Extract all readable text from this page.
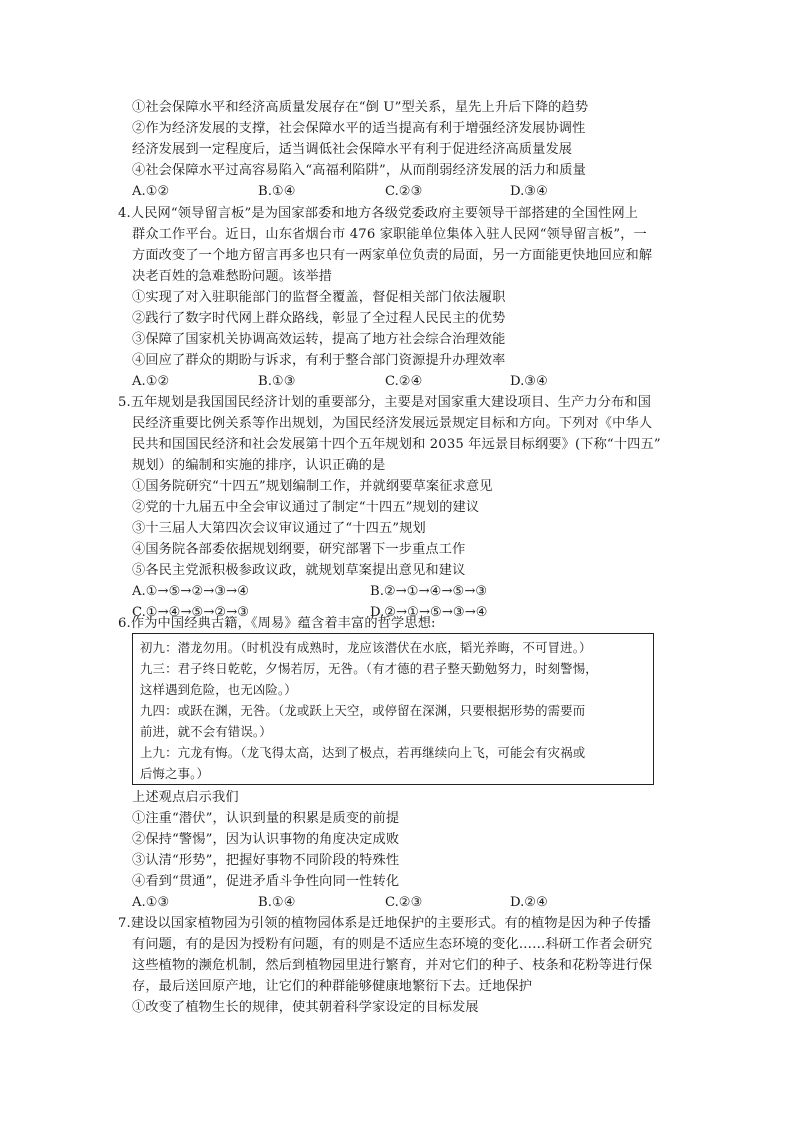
①社会保障水平和经济高质量发展存在“倒 U”型关系，星先上升后下降的趋势
②作为经济发展的支撑，社会保障水平的适当提高有利于增强经济发展协调性
经济发展到一定程度后，适当调低社会保障水平有利于促进经济高质量发展
④社会保障水平过高容易陷入“高福利陷阱”，从而削弱经济发展的活力和质量
A.①②	B.①④	C.②③	D.③④
4.人民网“领导留言板”是为国家部委和地方各级党委政府主要领导干部搭建的全国性网上
群众工作平台。近日，山东省烟台市 476 家职能单位集体入驻人民网“领导留言板”，一
方面改变了一个地方留言再多也只有一两家单位负责的局面，另一方面能更快地回应和解
决老百姓的急难愁盼问题。该举措
①实现了对入驻职能部门的监督全覆盖，督促相关部门依法履职
②践行了数字时代网上群众路线，彰显了全过程人民民主的优势
③保障了国家机关协调高效运转，提高了地方社会综合治理效能
④回应了群众的期盼与诉求，有利于整合部门资源提升办理效率
A.①②	B.①③	C.②④	D.③④
5.五年规划是我国国民经济计划的重要部分，主要是对国家重大建设项目、生产力分布和国
民经济重要比例关系等作出规划，为国民经济发展远景规定目标和方向。下列对《中华人
民共和国国民经济和社会发展第十四个五年规划和 2035 年远景目标纲要》(下称“十四五”
规划）的编制和实施的排序，认识正确的是
①国务院研究“十四五”规划编制工作，并就纲要草案征求意见
②党的十九届五中全会审议通过了制定“十四五”规划的建议
③十三届人大第四次会议审议通过了“十四五”规划
④国务院各部委依据规划纲要，研究部署下一步重点工作
⑤各民主党派积极参政议政，就规划草案提出意见和建议
A.①→⑤→②→③→④	B.②→①→④→⑤→③
C.①→④→⑤→②→③	D.②→①→⑤→③→④
6.作为中国经典古籍，《周易》蕴含着丰富的哲学思想:
初九：潜龙勿用。（时机没有成熟时，龙应该潜伏在水底，韬光养晦，不可冒进。）
九三：君子终日乾乾，夕惕若厉，无咎。（有才德的君子整天勤勉努力，时刻警惕，
这样遇到危险，也无凶险。）
九四：或跃在渊，无咎。（龙或跃上天空，或停留在深渊，只要根据形势的需要而
前进，就不会有错误。）
上九：亢龙有悔。（龙飞得太高，达到了极点，若再继续向上飞，可能会有灾祸或
后悔之事。）
上述观点启示我们
①注重“潜伏”，认识到量的积累是质变的前提
②保持“警惕”，因为认识事物的角度决定成败
③认清“形势”，把握好事物不同阶段的特殊性
④看到“贯通”，促进矛盾斗争性向同一性转化
A.①③	B.①④	C.②③	D.②④
7.建设以国家植物园为引领的植物园体系是迁地保护的主要形式。有的植物是因为种子传播
有问题，有的是因为授粉有问题，有的则是不适应生态环境的变化……科研工作者会研究
这些植物的濒危机制，然后到植物园里进行繁育，并对它们的种子、枝条和花粉等进行保
存，最后送回原产地，让它们的种群能够健康地繁衍下去。迁地保护
①改变了植物生长的规律，使其朝着科学家设定的目标发展
